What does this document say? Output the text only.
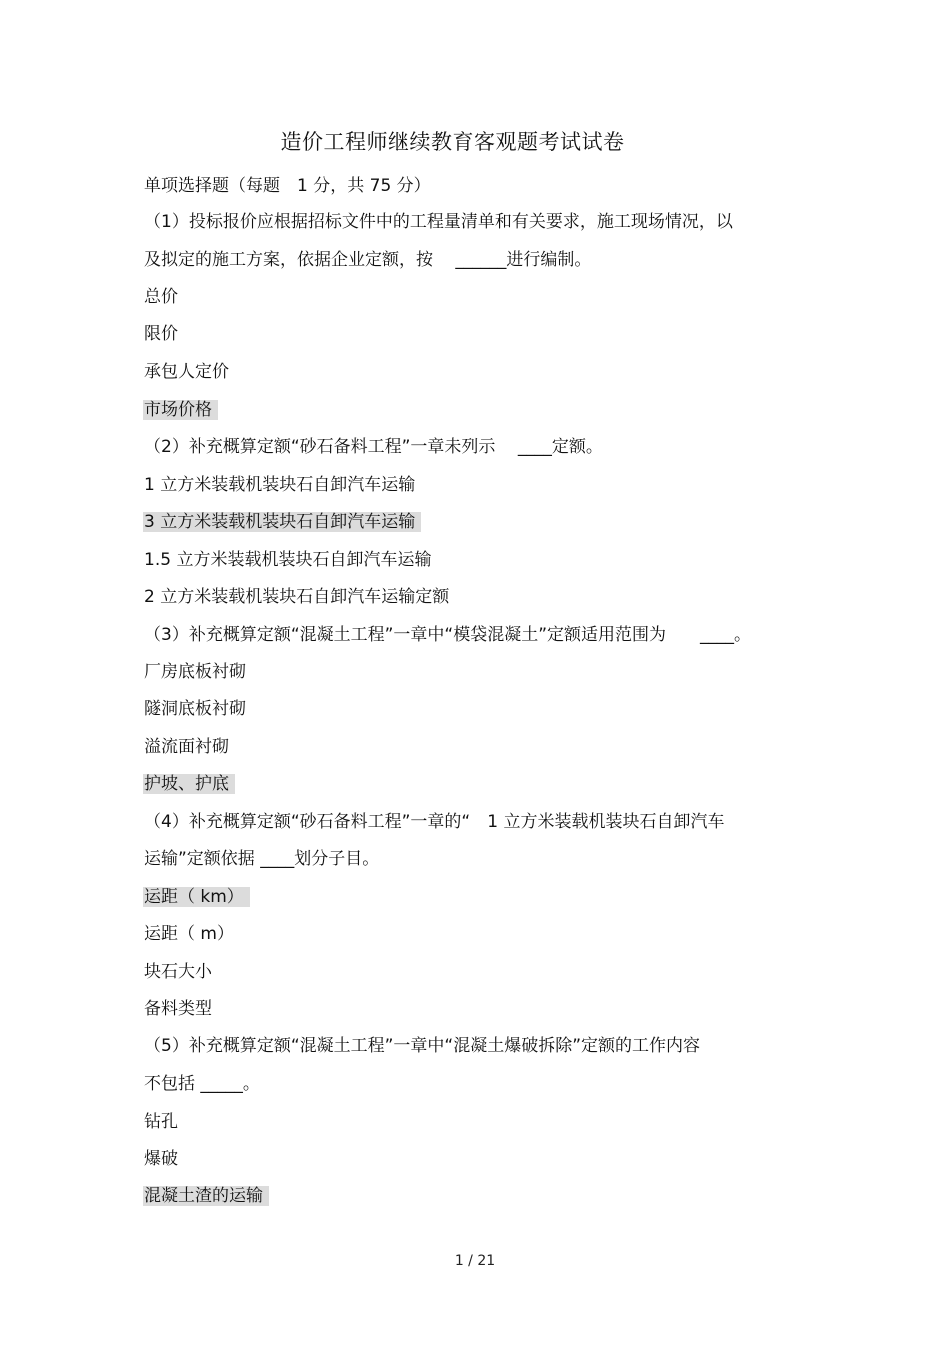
造价工程师继续教育客观题考试试卷
单项选择题（每题　1 分，共 75 分）
（1）投标报价应根据招标文件中的工程量清单和有关要求，施工现场情况，以
及拟定的施工方案，依据企业定额，按　 ______进行编制。
总价
限价
承包人定价
市场价格
（2）补充概算定额“砂石备料工程”一章未列示　 ____定额。
1 立方米装载机装块石自卸汽车运输
3 立方米装载机装块石自卸汽车运输
1.5 立方米装载机装块石自卸汽车运输
2 立方米装载机装块石自卸汽车运输定额
（3）补充概算定额“混凝土工程”一章中“模袋混凝土”定额适用范围为　　____。
厂房底板衬砌
隧洞底板衬砌
溢流面衬砌
护坡、护底
（4）补充概算定额“砂石备料工程”一章的“　1 立方米装载机装块石自卸汽车
运输”定额依据 ____划分子目。
运距（ km）
运距（ m）
块石大小
备料类型
（5）补充概算定额“混凝土工程”一章中“混凝土爆破拆除”定额的工作内容
不包括 _____。
钻孔
爆破
混凝土渣的运输
1 / 21
